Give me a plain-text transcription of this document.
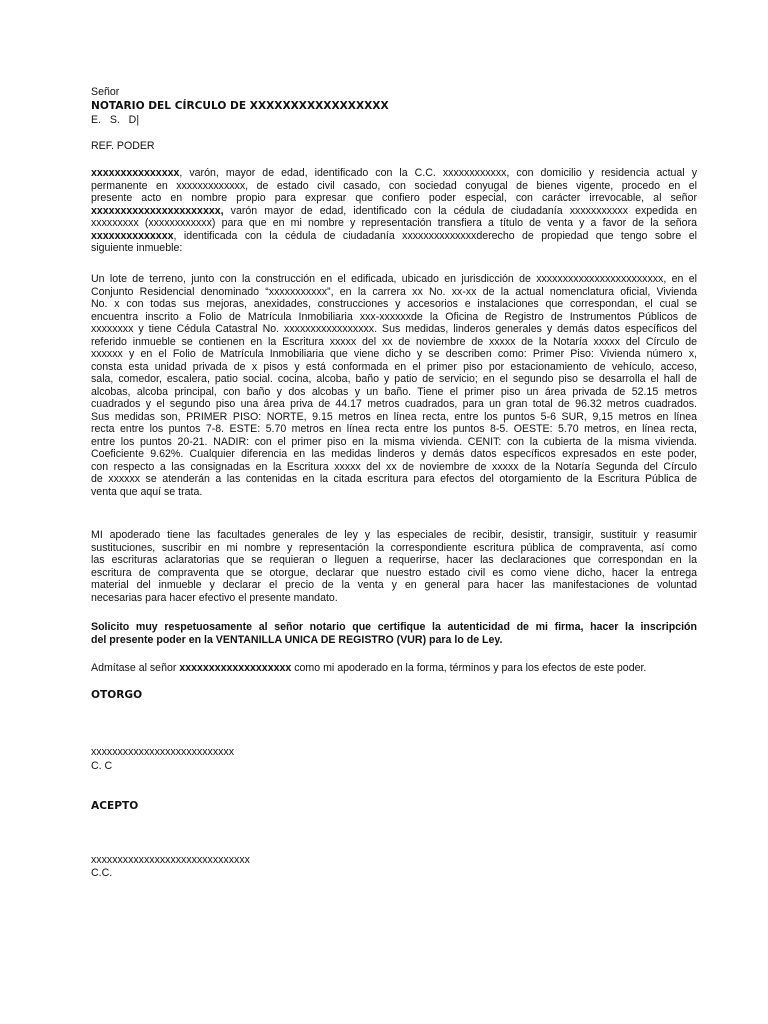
Señor
NOTARIO DEL CÍRCULO DE XXXXXXXXXXXXXXXXX
E.   S.   D|
REF. PODER
xxxxxxxxxxxxxxx, varón, mayor de edad, identificado con la C.C. xxxxxxxxxxxx, con domicilio y residencia actual y
permanente en xxxxxxxxxxxxx, de estado civil casado, con sociedad conyugal de bienes vigente, procedo en el
presente acto en nombre propio para expresar que confiero poder especial, con carácter irrevocable, al señor
xxxxxxxxxxxxxxxxxxxxxx, varón mayor de edad, identificado con la cédula de ciudadanía xxxxxxxxxxx expedida en
xxxxxxxxx (xxxxxxxxxxxx) para que en mi nombre y representación transfiera a título de venta y a favor de la señora
xxxxxxxxxxxxxx, identificada con la cédula de ciudadanía xxxxxxxxxxxxxxderecho de propiedad que tengo sobre el
siguiente inmueble:
Un lote de terreno, junto con la construcción en el edificada, ubicado en jurisdicción de xxxxxxxxxxxxxxxxxxxxxxxx, en el
Conjunto Residencial denominado “xxxxxxxxxxx”, en la carrera xx No. xx-xx de la actual nomenclatura oficial, Vivienda
No. x con todas sus mejoras, anexidades, construcciones y accesorios e instalaciones que correspondan, el cual se
encuentra inscrito a Folio de Matrícula Inmobiliaria xxx-xxxxxxde la Oficina de Registro de Instrumentos Públicos de
xxxxxxxx y tiene Cédula Catastral No. xxxxxxxxxxxxxxxxx. Sus medidas, linderos generales y demás datos específicos del
referido inmueble se contienen en la Escritura xxxxx del xx de noviembre de xxxxx de la Notaría xxxxx del Círculo de
xxxxxx y en el Folio de Matrícula Inmobiliaria que viene dicho y se describen como: Primer Piso: Vivienda número x,
consta esta unidad privada de x pisos y está conformada en el primer piso por estacionamiento de vehículo, acceso,
sala, comedor, escalera, patio social. cocina, alcoba, baño y patio de servicio; en el segundo piso se desarrolla el hall de
alcobas, alcoba principal, con baño y dos alcobas y un baño. Tiene el primer piso un área privada de 52.15 metros
cuadrados y el segundo piso una área priva de 44.17 metros cuadrados, para un gran total de 96.32 metros cuadrados.
Sus medidas son, PRIMER PISO: NORTE, 9.15 metros en línea recta, entre los puntos 5-6 SUR, 9,15 metros en línea
recta entre los puntos 7-8. ESTE: 5.70 metros en línea recta entre los puntos 8-5. OESTE: 5.70 metros, en línea recta,
entre los puntos 20-21. NADIR: con el primer piso en la misma vivienda. CENIT: con la cubierta de la misma vivienda.
Coeficiente 9.62%. Cualquier diferencia en las medidas linderos y demás datos específicos expresados en este poder,
con respecto a las consignadas en la Escritura xxxxx del xx de noviembre de xxxxx de la Notaría Segunda del Círculo
de xxxxxx se atenderán a las contenidas en la citada escritura para efectos del otorgamiento de la Escritura Pública de
venta que aquí se trata.
MI apoderado tiene las facultades generales de ley y las especiales de recibir, desistir, transigir, sustituir y reasumir
sustituciones, suscribir en mi nombre y representación la correspondiente escritura pública de compraventa, así como
las escrituras aclaratorias que se requieran o lleguen a requerirse, hacer las declaraciones que correspondan en la
escritura de compraventa que se otorgue, declarar que nuestro estado civil es como viene dicho, hacer la entrega
material del inmueble y declarar el precio de la venta y en general para hacer las manifestaciones de voluntad
necesarias para hacer efectivo el presente mandato.
Solicito muy respetuosamente al señor notario que certifique la autenticidad de mi firma, hacer la inscripción
del presente poder en la VENTANILLA UNICA DE REGISTRO (VUR) para lo de Ley.
Admítase al señor xxxxxxxxxxxxxxxxxxx como mi apoderado en la forma, términos y para los efectos de este poder.
OTORGO
xxxxxxxxxxxxxxxxxxxxxxxxxxx
C. C
ACEPTO
xxxxxxxxxxxxxxxxxxxxxxxxxxxxxx
C.C.
